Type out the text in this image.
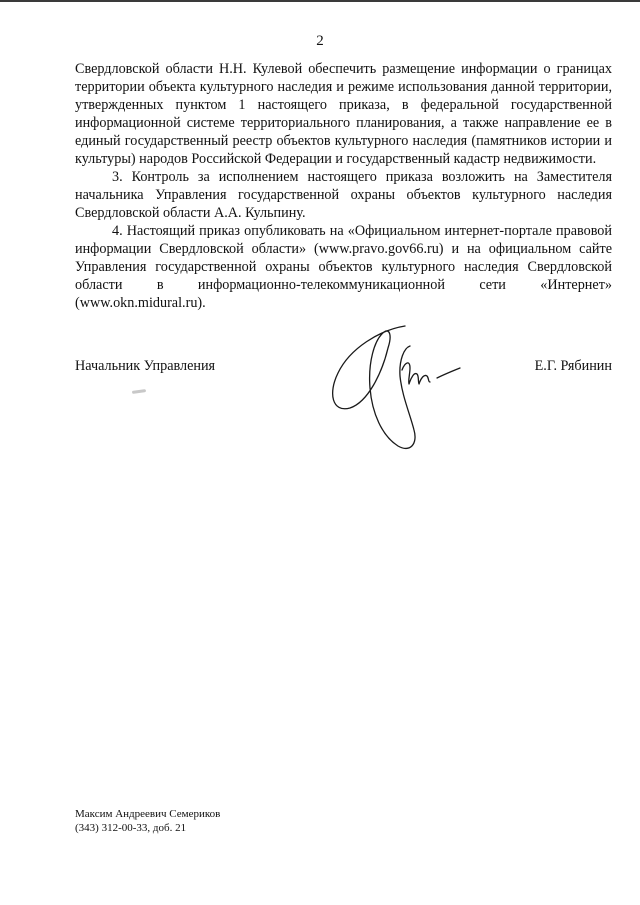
2

Свердловской области Н.Н. Кулевой обеспечить размещение информации о границах территории объекта культурного наследия и режиме использования данной территории, утвержденных пунктом 1 настоящего приказа, в федеральной государственной информационной системе территориального планирования, а также направление ее в единый государственный реестр объектов культурного наследия (памятников истории и культуры) народов Российской Федерации и государственный кадастр недвижимости.

3. Контроль за исполнением настоящего приказа возложить на Заместителя начальника Управления государственной охраны объектов культурного наследия Свердловской области А.А. Кульпину.

4. Настоящий приказ опубликовать на «Официальном интернет-портале правовой информации Свердловской области» (www.pravo.gov66.ru) и на официальном сайте Управления государственной охраны объектов культурного наследия Свердловской области в информационно-телекоммуникационной сети «Интернет» (www.okn.midural.ru).

Начальник Управления	Е.Г. Рябинин
Максим Андреевич Семериков
(343) 312-00-33, доб. 21
